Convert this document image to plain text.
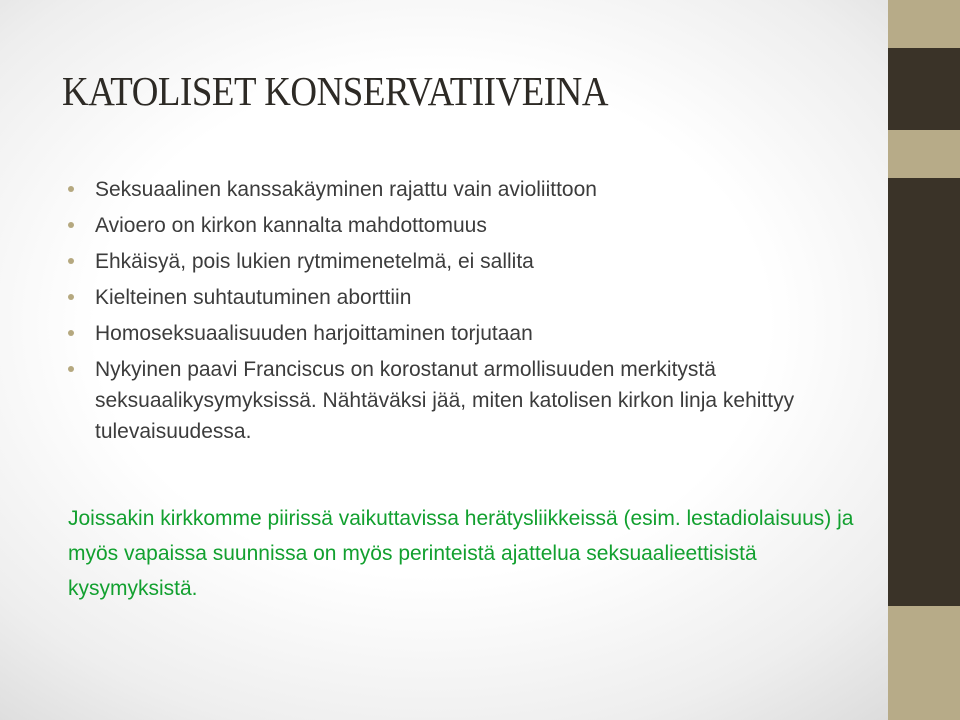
KATOLISET KONSERVATIIVEINA
Seksuaalinen kanssakäyminen rajattu vain avioliittoon
Avioero on kirkon kannalta mahdottomuus
Ehkäisyä, pois lukien rytmimenetelmä, ei sallita
Kielteinen suhtautuminen aborttiin
Homoseksuaalisuuden harjoittaminen torjutaan
Nykyinen paavi Franciscus on korostanut armollisuuden merkitystä seksuaalikysymyksissä. Nähtäväksi jää, miten katolisen kirkon linja kehittyy tulevaisuudessa.

Joissakin kirkkomme piirissä vaikuttavissa herätysliikkeissä (esim. lestadiolaisuus) ja myös vapaissa suunnissa on myös perinteistä ajattelua seksuaalieettisistä kysymyksistä.
